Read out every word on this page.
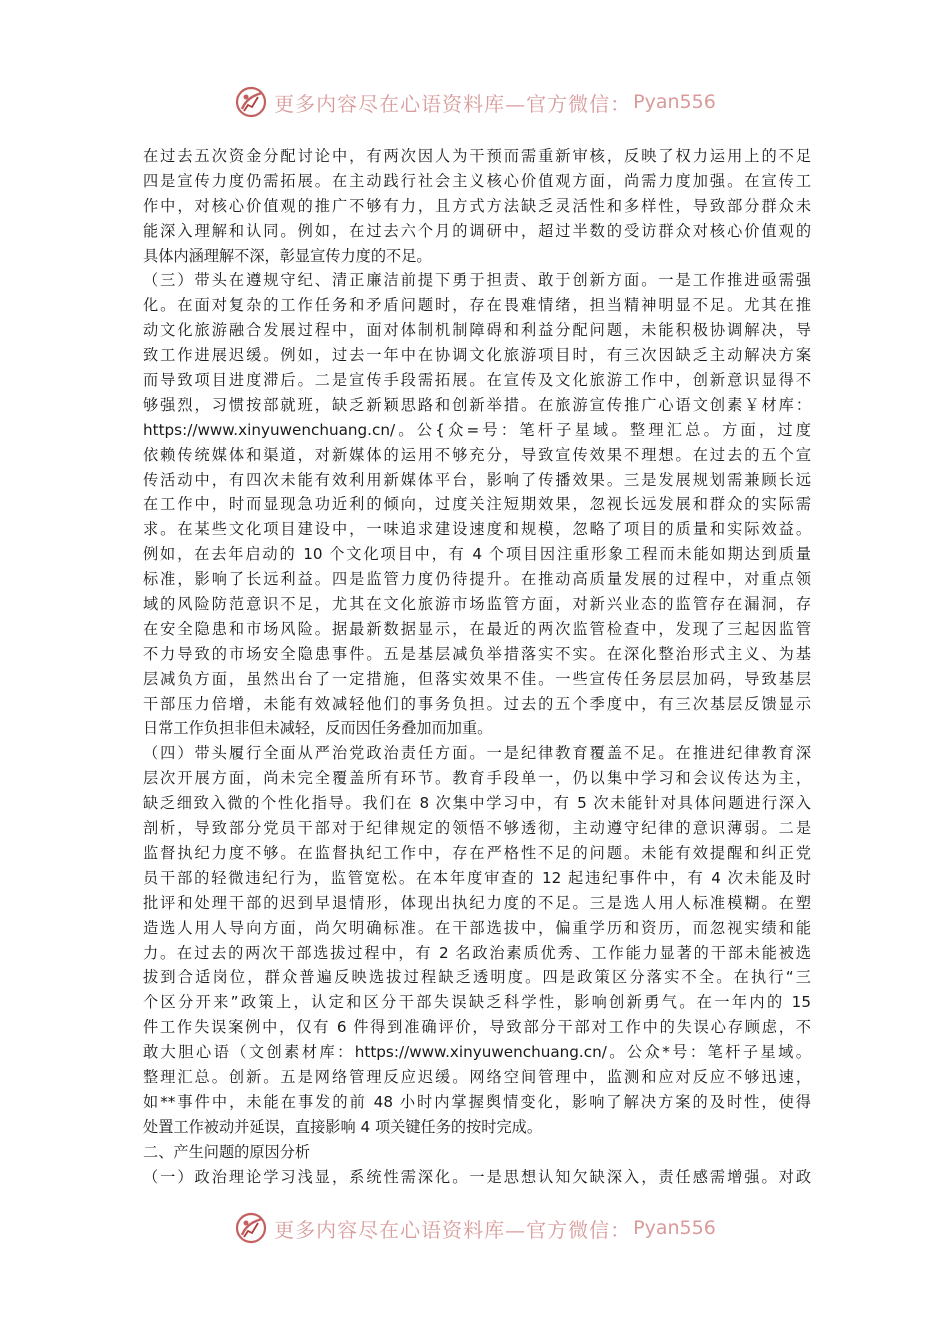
更多内容尽在心语资料库—官方微信： Pyan556
在过去五次资金分配讨论中，有两次因人为干预而需重新审核，反映了权力运用上的不足
四是宣传力度仍需拓展。在主动践行社会主义核心价值观方面，尚需力度加强。在宣传工
作中，对核心价值观的推广不够有力，且方式方法缺乏灵活性和多样性，导致部分群众未
能深入理解和认同。例如，在过去六个月的调研中，超过半数的受访群众对核心价值观的
具体内涵理解不深，彰显宣传力度的不足。
（三）带头在遵规守纪、清正廉洁前提下勇于担责、敢于创新方面。一是工作推进亟需强
化。在面对复杂的工作任务和矛盾问题时，存在畏难情绪，担当精神明显不足。尤其在推
动文化旅游融合发展过程中，面对体制机制障碍和利益分配问题，未能积极协调解决，导
致工作进展迟缓。例如，过去一年中在协调文化旅游项目时，有三次因缺乏主动解决方案
而导致项目进度滞后。二是宣传手段需拓展。在宣传及文化旅游工作中，创新意识显得不
够强烈，习惯按部就班，缺乏新颖思路和创新举措。在旅游宣传推广心语文创素￥材库：
https://www.xinyuwenchuang.cn/。公{众=号：笔杆子星域。整理汇总。方面，过度
依赖传统媒体和渠道，对新媒体的运用不够充分，导致宣传效果不理想。在过去的五个宣
传活动中，有四次未能有效利用新媒体平台，影响了传播效果。三是发展规划需兼顾长远
在工作中，时而显现急功近利的倾向，过度关注短期效果，忽视长远发展和群众的实际需
求。在某些文化项目建设中，一味追求建设速度和规模，忽略了项目的质量和实际效益。
例如，在去年启动的 10 个文化项目中，有 4 个项目因注重形象工程而未能如期达到质量
标准，影响了长远利益。四是监管力度仍待提升。在推动高质量发展的过程中，对重点领
域的风险防范意识不足，尤其在文化旅游市场监管方面，对新兴业态的监管存在漏洞，存
在安全隐患和市场风险。据最新数据显示，在最近的两次监管检查中，发现了三起因监管
不力导致的市场安全隐患事件。五是基层减负举措落实不实。在深化整治形式主义、为基
层减负方面，虽然出台了一定措施，但落实效果不佳。一些宣传任务层层加码，导致基层
干部压力倍增，未能有效减轻他们的事务负担。过去的五个季度中，有三次基层反馈显示
日常工作负担非但未减轻，反而因任务叠加而加重。
（四）带头履行全面从严治党政治责任方面。一是纪律教育覆盖不足。在推进纪律教育深
层次开展方面，尚未完全覆盖所有环节。教育手段单一，仍以集中学习和会议传达为主，
缺乏细致入微的个性化指导。我们在 8 次集中学习中，有 5 次未能针对具体问题进行深入
剖析，导致部分党员干部对于纪律规定的领悟不够透彻，主动遵守纪律的意识薄弱。二是
监督执纪力度不够。在监督执纪工作中，存在严格性不足的问题。未能有效提醒和纠正党
员干部的轻微违纪行为，监管宽松。在本年度审查的 12 起违纪事件中，有 4 次未能及时
批评和处理干部的迟到早退情形，体现出执纪力度的不足。三是选人用人标准模糊。在塑
造选人用人导向方面，尚欠明确标准。在干部选拔中，偏重学历和资历，而忽视实绩和能
力。在过去的两次干部选拔过程中，有 2 名政治素质优秀、工作能力显著的干部未能被选
拔到合适岗位，群众普遍反映选拔过程缺乏透明度。四是政策区分落实不全。在执行“三
个区分开来”政策上，认定和区分干部失误缺乏科学性，影响创新勇气。在一年内的 15
件工作失误案例中，仅有 6 件得到准确评价，导致部分干部对工作中的失误心存顾虑，不
敢大胆心语（文创素材库：https://www.xinyuwenchuang.cn/。公众*号：笔杆子星域。
整理汇总。创新。五是网络管理反应迟缓。网络空间管理中，监测和应对反应不够迅速，
如**事件中，未能在事发的前 48 小时内掌握舆情变化，影响了解决方案的及时性，使得
处置工作被动并延误，直接影响 4 项关键任务的按时完成。
二、产生问题的原因分析
（一）政治理论学习浅显，系统性需深化。一是思想认知欠缺深入，责任感需增强。对政
更多内容尽在心语资料库—官方微信： Pyan556
